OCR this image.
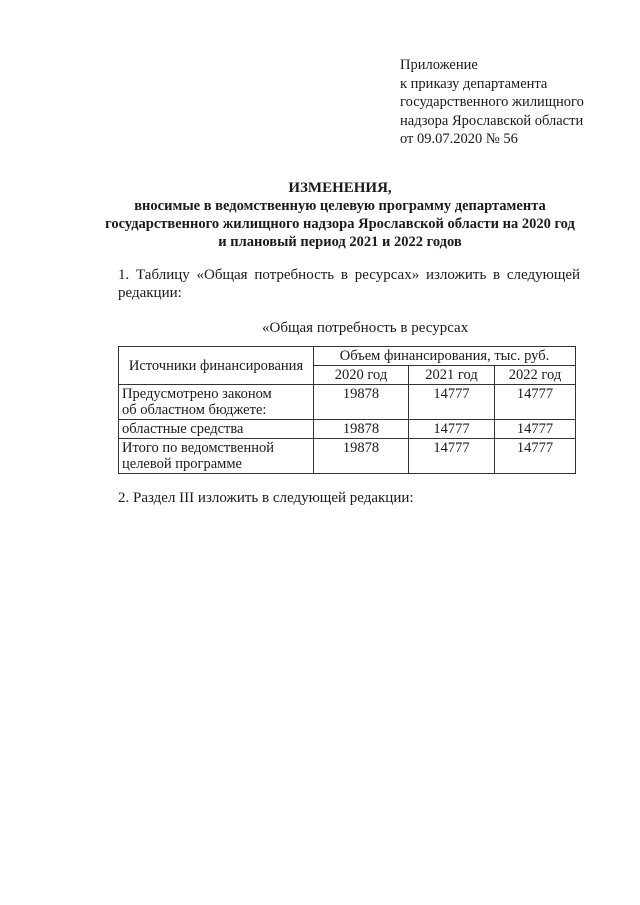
Приложение
к приказу департамента
государственного жилищного
надзора Ярославской области
от 09.07.2020 № 56
ИЗМЕНЕНИЯ,
вносимые в ведомственную целевую программу департамента
государственного жилищного надзора Ярославской области на 2020 год
и плановый период 2021 и 2022 годов
1. Таблицу «Общая потребность в ресурсах» изложить в следующей
редакции:
«Общая потребность в ресурсах
Источники финансирования	Объем финансирования, тыс. руб.		
	2020 год	2021 год	2022 год

Предусмотрено законом
об областном бюджете:	19878	14777	14777

областные средства	19878	14777	14777

Итого по ведомственной
целевой программе	19878	14777	14777
2. Раздел III изложить в следующей редакции:
